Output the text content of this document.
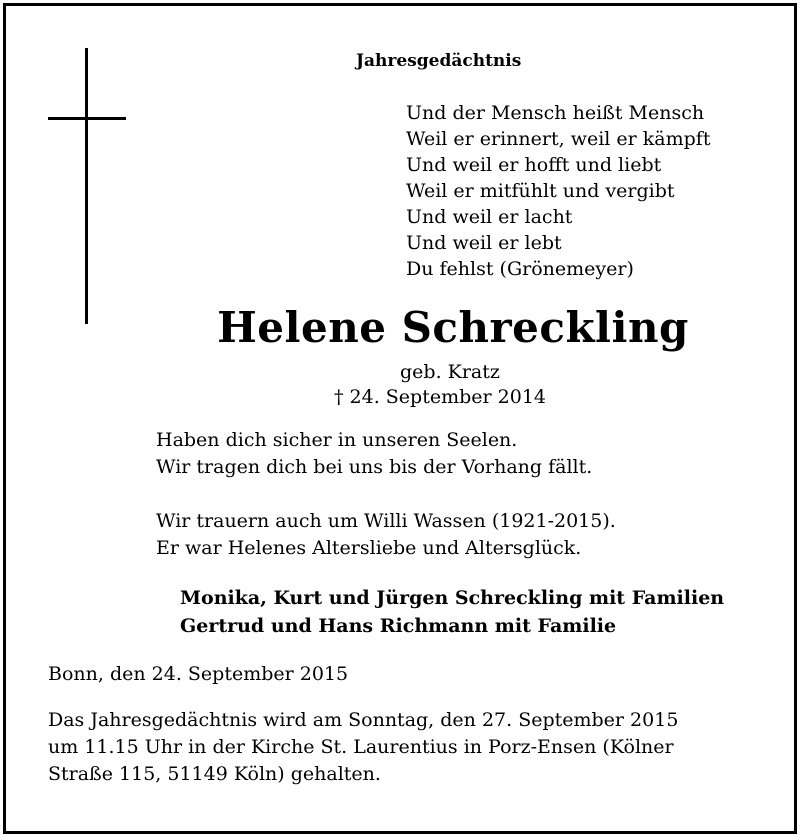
Jahresgedächtnis
Und der Mensch heißt Mensch
Weil er erinnert, weil er kämpft
Und weil er hofft und liebt
Weil er mitfühlt und vergibt
Und weil er lacht
Und weil er lebt
Du fehlst (Grönemeyer)
Helene Schreckling
geb. Kratz
† 24. September 2014
Haben dich sicher in unseren Seelen.
Wir tragen dich bei uns bis der Vorhang fällt.
Wir trauern auch um Willi Wassen (1921-2015).
Er war Helenes Altersliebe und Altersglück.
Monika, Kurt und Jürgen Schreckling mit Familien
Gertrud und Hans Richmann mit Familie
Bonn, den 24. September 2015
Das Jahresgedächtnis wird am Sonntag, den 27. September 2015
um 11.15 Uhr in der Kirche St. Laurentius in Porz-Ensen (Kölner
Straße 115, 51149 Köln) gehalten.
